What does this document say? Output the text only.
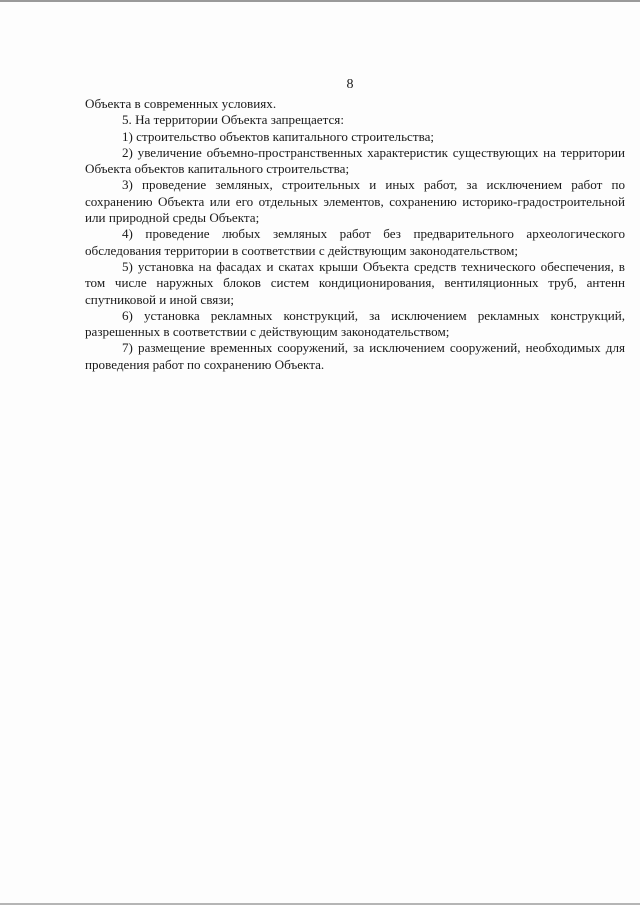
8

Объекта в современных условиях.

5. На территории Объекта запрещается:

1) строительство объектов капитального строительства;

2) увеличение объемно-пространственных характеристик существующих на территории Объекта объектов капитального строительства;

3) проведение земляных, строительных и иных работ, за исключением работ по сохранению Объекта или его отдельных элементов, сохранению историко-градостроительной или природной среды Объекта;

4) проведение любых земляных работ без предварительного археологического обследования территории в соответствии с действующим законодательством;

5) установка на фасадах и скатах крыши Объекта средств технического обеспечения, в том числе наружных блоков систем кондиционирования, вентиляционных труб, антенн спутниковой и иной связи;

6) установка рекламных конструкций, за исключением рекламных конструкций, разрешенных в соответствии с действующим законодательством;

7) размещение временных сооружений, за исключением сооружений, необходимых для проведения работ по сохранению Объекта.
